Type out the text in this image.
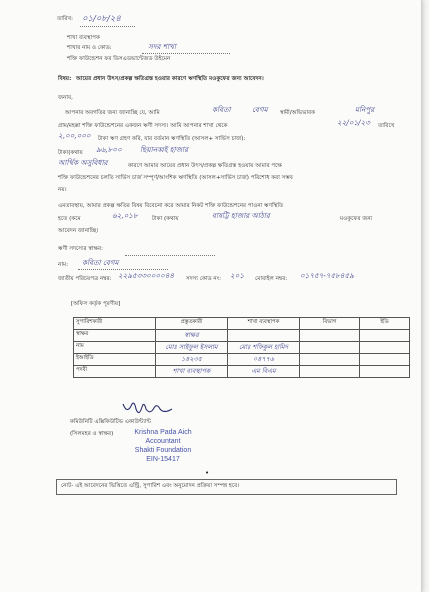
তারিখ: ০১/০৮/২৪
শাখা ব্যবস্থাপক
শাখার নাম ও কোড:	সদর শাখা
শক্তি ফাউন্ডেশন ফর ডিসএডভান্টেজড উইমেন
বিষয়: আয়ের প্রধান উৎস/প্রকল্প ক্ষতিগ্রস্ত হওয়ার কারণে ঋণস্থিতি মওকুফের জন্য আবেদন।
জনাব,
আপনার অবগতির জন্য জানাচ্ছি যে, আমি	কবিতা	বেগম স্বামী/অভিভাবক	মনিপুর
গ্রাম/মহল্লা শক্তি ফাউন্ডেশনের একজন ঋণী সদস্য। আমি আপনার শাখা থেকে	২২/০১/২৩ তারিখে
২,০০,০০০ টাকা ঋণ গ্রহণ করি, যার বর্তমান ঋণস্থিতি (আসল+ সার্ভিস চার্জ):
টাকা(কথায় ৯৬,৮০০	ছিয়ানব্বই হাজার
আর্থিক অসুবিধার	কারণে আমার আয়ের প্রধান উৎস/প্রকল্প ক্ষতিগ্রস্ত হওয়ায় আমার পক্ষে
শক্তি ফাউন্ডেশনের চলতি সার্ভিস চার্জ সম্পূর্ণ/আংশিক ঋণস্থিতি (আসল+সার্ভিস চার্জ) পরিশোধ করা সম্ভব
নয়।
এমতাবস্থায়, আমার প্রকল্প ক্ষতির বিষয় বিবেচনা করে আমার নিকট শক্তি ফাউন্ডেশনের পাওনা ঋণস্থিতি
হতে (কমে	৬২,০১৮	টাকা (কথায়	বাষট্টি হাজার আঠার	মওকুফের জন্য
আবেদন জানাচ্ছি।
ঋণী সদস্যের স্বাক্ষর:
নাম: কবিতা বেগম
জাতীয় পরিচয়পত্র নম্বর: ২২৯৫৩৩০০০০৪৪ সদস্য কোড নং: ২০১ মোবাইল নম্বর: ০১৭৫৭-৭৫৮৪৫৯
[অফিস কর্তৃক পূরণীয়]
সুপারিশকারী	প্রস্তুতকারী	শাখা ব্যবস্থাপক	বিভাগ	ইডি
স্বাক্ষর	স্বাক্ষর			
নাম	মোঃ সাইফুল ইসলাম	মোঃ শফিকুল হামিদ		
ইআইডি	১৪২৩৫	০৪৭৭৬		
পদবী	শাখা ব্যবস্থাপক	এম বিএম		
কমিউনিটি এক্সিকিউটিভ একাউন্ট্যান্ট
(সিলমহর ও স্বাক্ষর)	Krishna Pada Aich
Accountant
Shakti Foundation
EIN-15417
•
নোট- এই আবেদনের ভিত্তিতে এন্ট্রি, সুপারিশ এবং অনুমোদন প্রক্রিয়া সম্পন্ন হবে।
